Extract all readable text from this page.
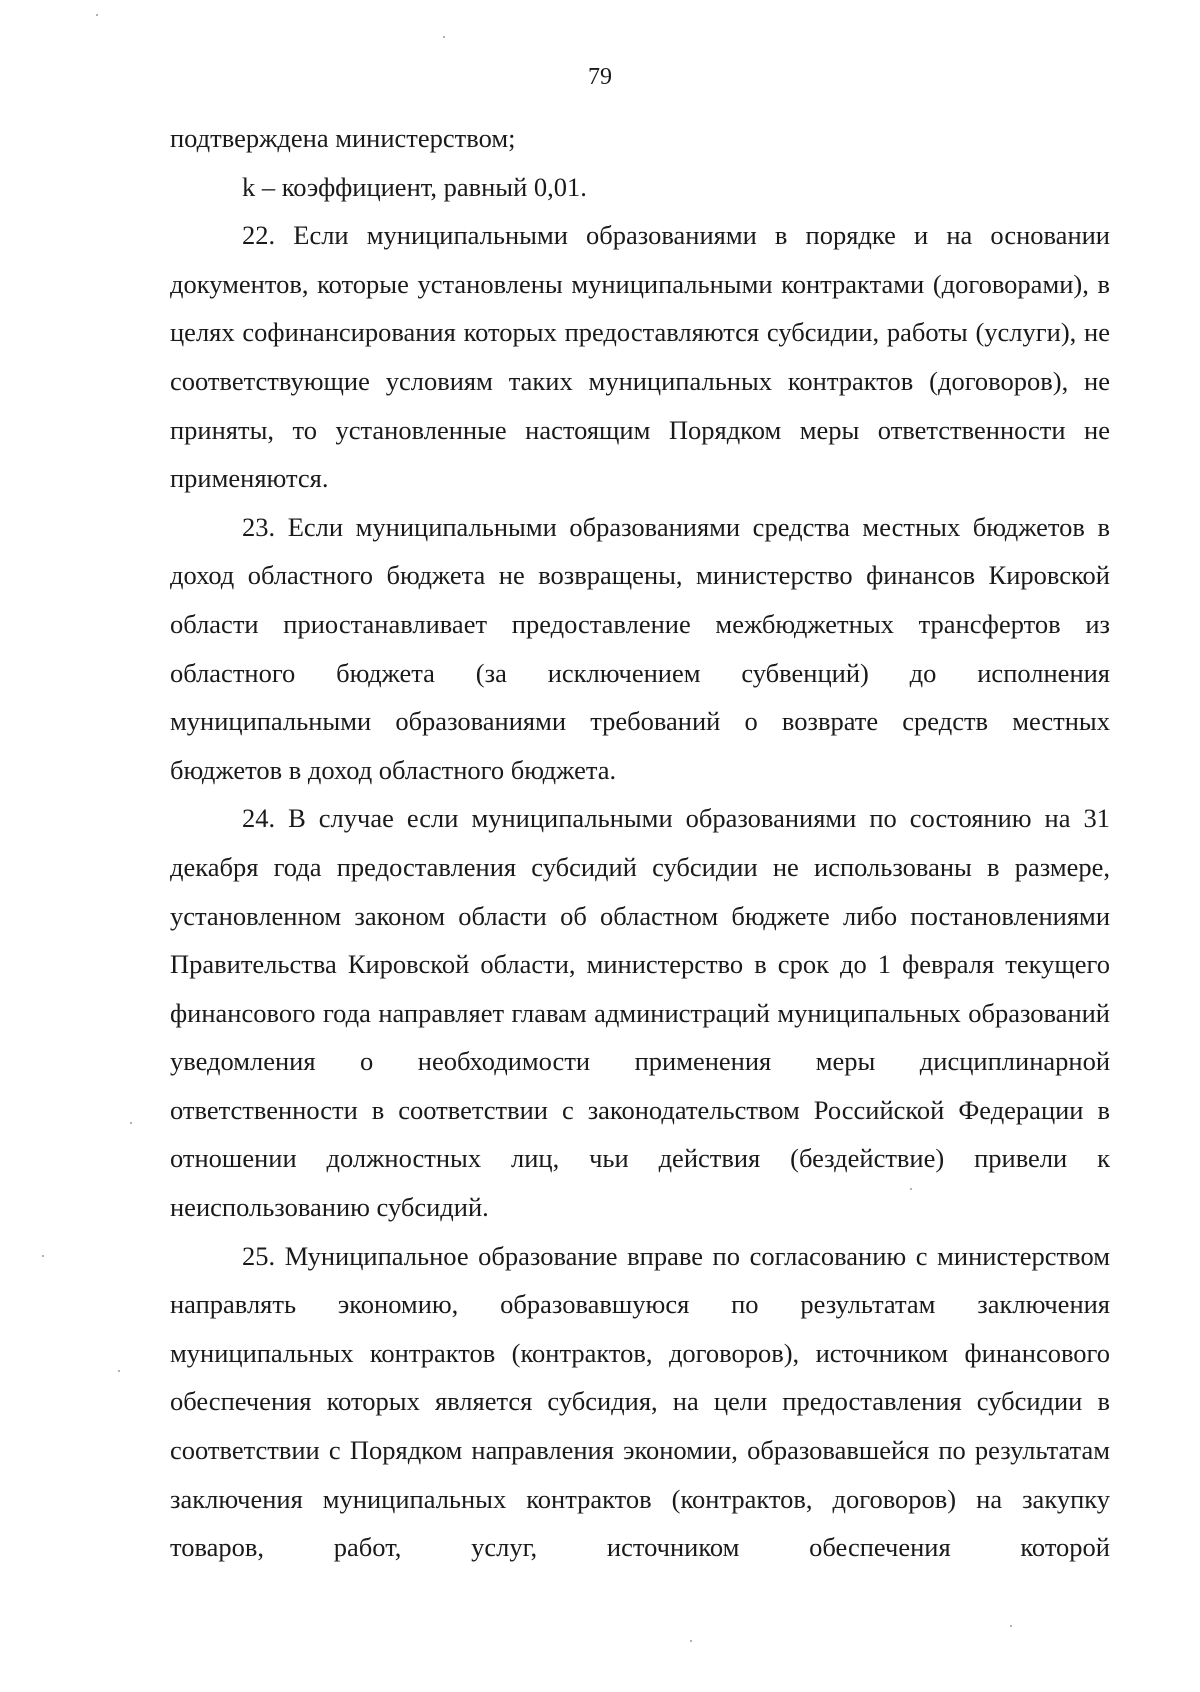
79

подтверждена министерством;

k – коэффициент, равный 0,01.

22. Если муниципальными образованиями в порядке и на основании документов, которые установлены муниципальными контрактами (договорами), в целях софинансирования которых предоставляются субсидии, работы (услуги), не соответствующие условиям таких муниципальных контрактов (договоров), не приняты, то установленные настоящим Порядком меры ответственности не применяются.

23. Если муниципальными образованиями средства местных бюджетов в доход областного бюджета не возвращены, министерство финансов Кировской области приостанавливает предоставление межбюджетных трансфертов из областного бюджета (за исключением субвенций) до исполнения муниципальными образованиями требований о возврате средств местных бюджетов в доход областного бюджета.

24. В случае если муниципальными образованиями по состоянию на 31 декабря года предоставления субсидий субсидии не использованы в размере, установленном законом области об областном бюджете либо постановлениями Правительства Кировской области, министерство в срок до 1 февраля текущего финансового года направляет главам администраций муниципальных образований уведомления о необходимости применения меры дисциплинарной ответственности в соответствии с законодательством Российской Федерации в отношении должностных лиц, чьи действия (бездействие) привели к неиспользованию субсидий.

25. Муниципальное образование вправе по согласованию с министерством направлять экономию, образовавшуюся по результатам заключения муниципальных контрактов (контрактов, договоров), источником финансового обеспечения которых является субсидия, на цели предоставления субсидии в соответствии с Порядком направления экономии, образовавшейся по результатам заключения муниципальных контрактов (контрактов, договоров) на закупку товаров, работ, услуг, источником обеспечения которой
